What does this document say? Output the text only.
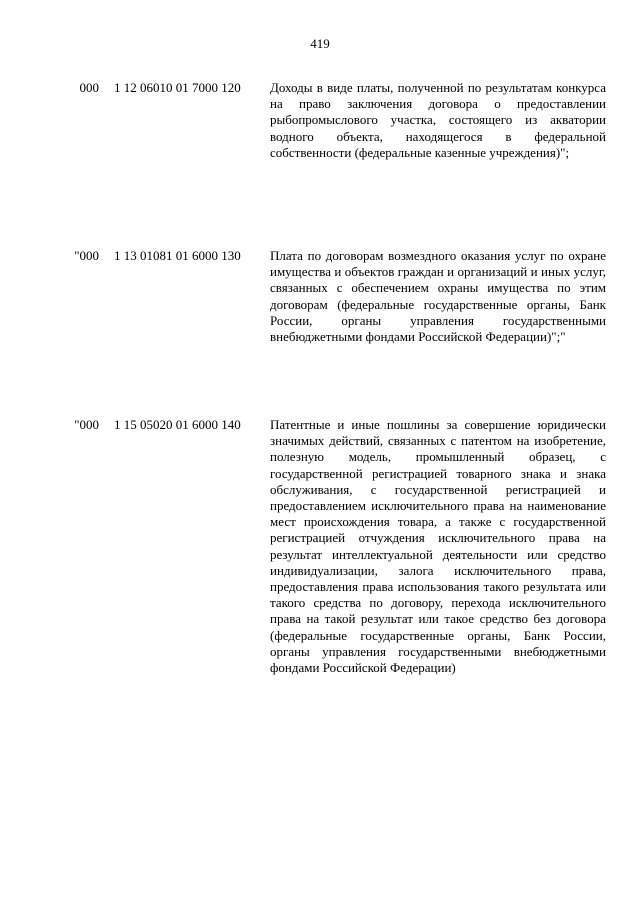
419
000 1 12 06010 01 7000 120 Доходы в виде платы, полученной по результатам конкурса на право заключения договора о предоставлении рыбопромыслового участка, состоящего из акватории водного объекта, находящегося в федеральной собственности (федеральные казенные учреждения)";
"000 1 13 01081 01 6000 130 Плата по договорам возмездного оказания услуг по охране имущества и объектов граждан и организаций и иных услуг, связанных с обеспечением охраны имущества по этим договорам (федеральные государственные органы, Банк России, органы управления государственными внебюджетными фондами Российской Федерации)";"
"000 1 15 05020 01 6000 140 Патентные и иные пошлины за совершение юридически значимых действий, связанных с патентом на изобретение, полезную модель, промышленный образец, с государственной регистрацией товарного знака и знака обслуживания, с государственной регистрацией и предоставлением исключительного права на наименование мест происхождения товара, а также с государственной регистрацией отчуждения исключительного права на результат интеллектуальной деятельности или средство индивидуализации, залога исключительного права, предоставления права использования такого результата или такого средства по договору, перехода исключительного права на такой результат или такое средство без договора (федеральные государственные органы, Банк России, органы управления государственными внебюджетными фондами Российской Федерации)
